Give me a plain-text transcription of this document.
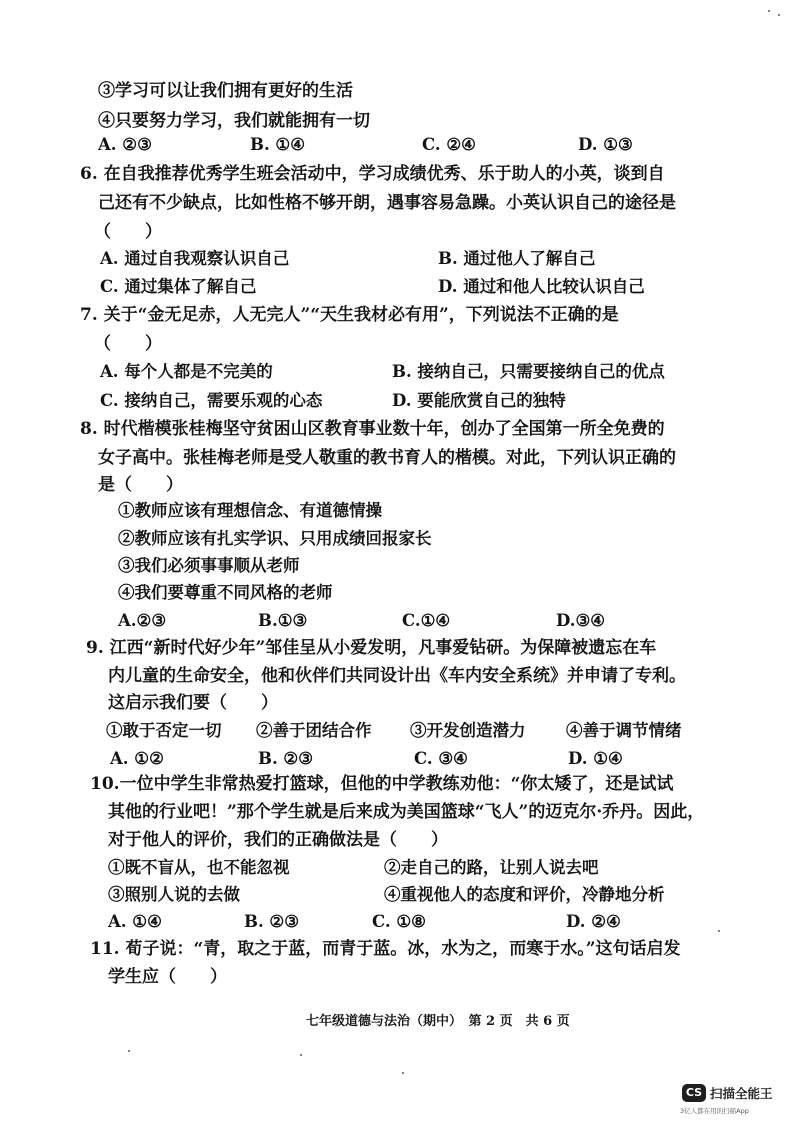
③学习可以让我们拥有更好的生活
④只要努力学习，我们就能拥有一切
A. ②③	B. ①④	C. ②④	D. ①③
6. 在自我推荐优秀学生班会活动中，学习成绩优秀、乐于助人的小英，谈到自
己还有不少缺点，比如性格不够开朗，遇事容易急躁。小英认识自己的途径是
（　　）
A. 通过自我观察认识自己	B. 通过他人了解自己
C. 通过集体了解自己	D. 通过和他人比较认识自己
7. 关于“金无足赤，人无完人”“天生我材必有用”，下列说法不正确的是
（　　）
A. 每个人都是不完美的	B. 接纳自己，只需要接纳自己的优点
C. 接纳自己，需要乐观的心态	D. 要能欣赏自己的独特
8. 时代楷模张桂梅坚守贫困山区教育事业数十年，创办了全国第一所全免费的
女子高中。张桂梅老师是受人敬重的教书育人的楷模。对此，下列认识正确的
是（　　）
①教师应该有理想信念、有道德情操
②教师应该有扎实学识、只用成绩回报家长
③我们必须事事顺从老师
④我们要尊重不同风格的老师
A.②③	B.①③	C.①④	D.③④
9. 江西“新时代好少年”邹佳呈从小爱发明，凡事爱钻研。为保障被遗忘在车
内儿童的生命安全，他和伙伴们共同设计出《车内安全系统》并申请了专利。
这启示我们要（　　）
①敢于否定一切 ②善于团结合作 ③开发创造潜力 ④善于调节情绪
A. ①②	B. ②③	C. ③④	D. ①④
10.一位中学生非常热爱打篮球，但他的中学教练劝他：“你太矮了，还是试试
其他的行业吧！”那个学生就是后来成为美国篮球“飞人”的迈克尔·乔丹。因此，
对于他人的评价，我们的正确做法是（　　）
①既不盲从，也不能忽视	②走自己的路，让别人说去吧
③照别人说的去做	④重视他人的态度和评价，冷静地分析
A. ①④	B. ②③	C. ①⑧	D. ②④
11. 荀子说：“青，取之于蓝，而青于蓝。冰，水为之，而寒于水。”这句话启发
学生应（　　）
七年级道德与法治（期中）　第 2 页　共 6 页
CS 扫描全能王
3亿人都在用的扫描App
